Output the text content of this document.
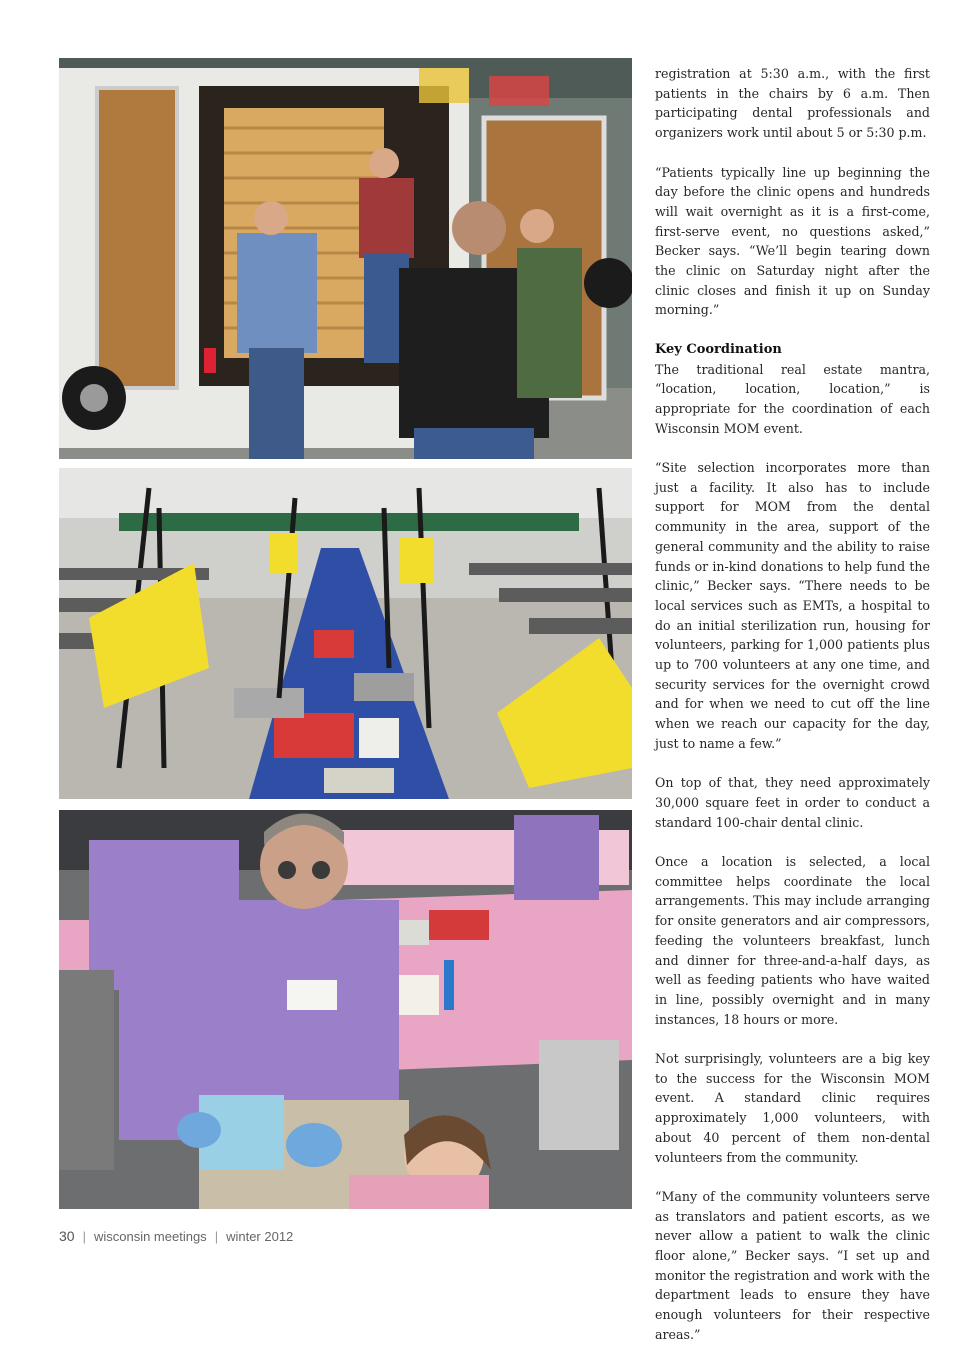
registration at 5:30 a.m., with the first patients in the chairs by 6 a.m. Then participating dental professionals and organizers work until about 5 or 5:30 p.m.

“Patients typically line up beginning the day before the clinic opens and hundreds will wait overnight as it is a first-come, first-serve event, no questions asked,” Becker says. “We’ll begin tearing down the clinic on Saturday night after the clinic closes and finish it up on Sunday morning.”

Key Coordination

The traditional real estate mantra, “location, location, location,” is appropriate for the coordination of each Wisconsin MOM event.

“Site selection incorporates more than just a facility. It also has to include support for MOM from the dental community in the area, support of the general community and the ability to raise funds or in-kind donations to help fund the clinic,” Becker says. “There needs to be local services such as EMTs, a hospital to do an initial sterilization run, housing for volunteers, parking for 1,000 patients plus up to 700 volunteers at any one time, and security services for the overnight crowd and for when we need to cut off the line when we reach our capacity for the day, just to name a few.”

On top of that, they need approximately 30,000 square feet in order to conduct a standard 100-chair dental clinic.

Once a location is selected, a local committee helps coordinate the local arrangements. This may include arranging for onsite generators and air compressors, feeding the volunteers breakfast, lunch and dinner for three-and-a-half days, as well as feeding patients who have waited in line, possibly overnight and in many instances, 18 hours or more.

Not surprisingly, volunteers are a big key to the success for the Wisconsin MOM event. A standard clinic requires approximately 1,000 volunteers, with about 40 percent of them non-dental volunteers from the community.

“Many of the community volunteers serve as translators and patient escorts, as we never allow a patient to walk the clinic floor alone,” Becker says. “I set up and monitor the registration and work with the department leads to ensure they have enough volunteers for their respective areas.”

30 | wisconsin meetings | winter 2012
